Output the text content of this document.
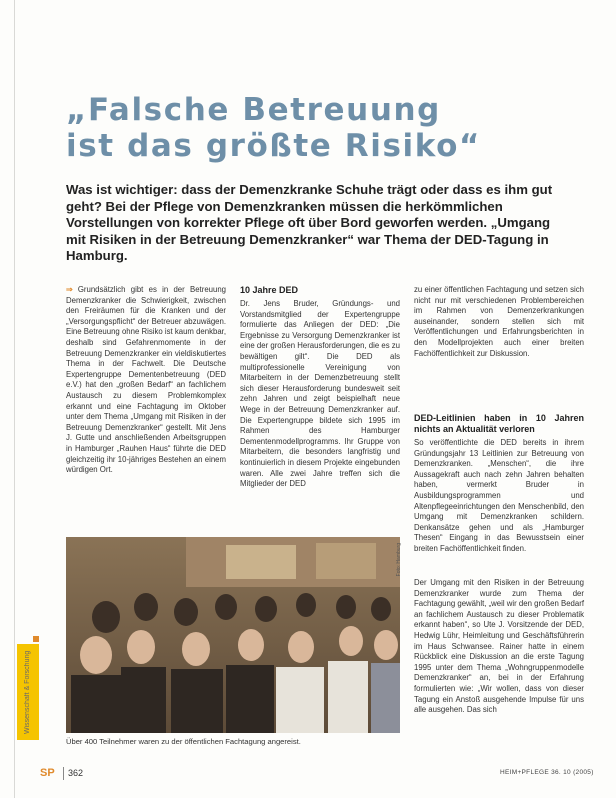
„Falsche Betreuung
ist das größte Risiko“
Was ist wichtiger: dass der Demenzkranke Schuhe trägt oder dass es ihm gut geht? Bei der Pflege von Demenzkranken müssen die herkömmlichen Vorstellungen von korrekter Pflege oft über Bord geworfen werden. „Umgang mit Risiken in der Betreuung Demenzkranker“ war Thema der DED-Tagung in Hamburg.

⇒ Grundsätzlich gibt es in der Betreuung Demenzkranker die Schwierigkeit, zwischen den Freiräumen für die Kranken und der „Versorgungspflicht“ der Betreuer abzuwägen. Eine Betreuung ohne Risiko ist kaum denkbar, deshalb sind Gefahrenmomente in der Betreuung Demenzkranker ein vieldiskutiertes Thema in der Fachwelt. Die Deutsche Expertengruppe Dementenbetreuung (DED e.V.) hat den „großen Bedarf“ an fachlichem Austausch zu diesem Problemkomplex erkannt und eine Fachtagung im Oktober unter dem Thema „Umgang mit Risiken in der Betreuung Demenzkranker“ gestellt. Mit Jens J. Gutte und anschließenden Arbeitsgruppen in Hamburger „Rauhen Haus“ führte die DED gleichzeitig ihr 10-jähriges Bestehen an einem würdigen Ort.

10 Jahre DED

Dr. Jens Bruder, Gründungs- und Vorstandsmitglied der Expertengruppe formulierte das Anliegen der DED: „Die Ergebnisse zu Versorgung Demenzkranker ist eine der großen Herausforderungen, die es zu bewältigen gilt“. Die DED als multiprofessionelle Vereinigung von Mitarbeitern in der Demenzbetreuung stellt sich dieser Herausforderung bundesweit seit zehn Jahren und zeigt beispielhaft neue Wege in der Betreuung Demenzkranker auf. Die Expertengruppe bildete sich 1995 im Rahmen des Hamburger Dementenmodellprogramms. Ihr Gruppe von Mitarbeitern, die besonders langfristig und kontinuierlich in diesem Projekte eingebunden waren. Alle zwei Jahre treffen sich die Mitglieder der DED

zu einer öffentlichen Fachtagung und setzen sich nicht nur mit verschiedenen Problembereichen im Rahmen von Demenzerkrankungen auseinander, sondern stellen sich mit Veröffentlichungen und Erfahrungsberichten in den Modellprojekten auch einer breiten Fachöffentlichkeit zur Diskussion.

DED-Leitlinien haben in 10 Jahren nichts an Aktualität verloren

So veröffentlichte die DED bereits in ihrem Gründungsjahr 13 Leitlinien zur Betreuung von Demenzkranken. „Menschen“, die ihre Aussagekraft auch nach zehn Jahren behalten haben, vermerkt Bruder in Ausbildungsprogrammen und Altenpflegeeinrichtungen den Menschenbild, den Umgang mit Demenzkranken schildern. Denkansätze gehen und als „Hamburger Thesen“ Eingang in das Bewusstsein einer breiten Fachöffentlichkeit finden.

Der Umgang mit den Risiken in der Betreuung Demenzkranker wurde zum Thema der Fachtagung gewählt, „weil wir den großen Bedarf an fachlichem Austausch zu dieser Problematik erkannt haben“, so Ute J. Vorsitzende der DED, Hedwig Lühr, Heimleitung und Geschäftsführerin im Haus Schwansee. Rainer hatte in einem Rückblick eine Diskussion an die erste Tagung 1995 unter dem Thema „Wohngruppenmodelle Demenzkranker“ an, bei in der Erfahrung formulierten wie: „Wir wollen, dass von dieser Tagung ein Anstoß ausgehende Impulse für uns alle ausgehen. Das sich

Foto: Hamburg
Über 400 Teilnehmer waren zu der öffentlichen Fachtagung angereist.
Wissenschaft & Forschung
SP 362	HEIM+PFLEGE 36. 10 (2005)
